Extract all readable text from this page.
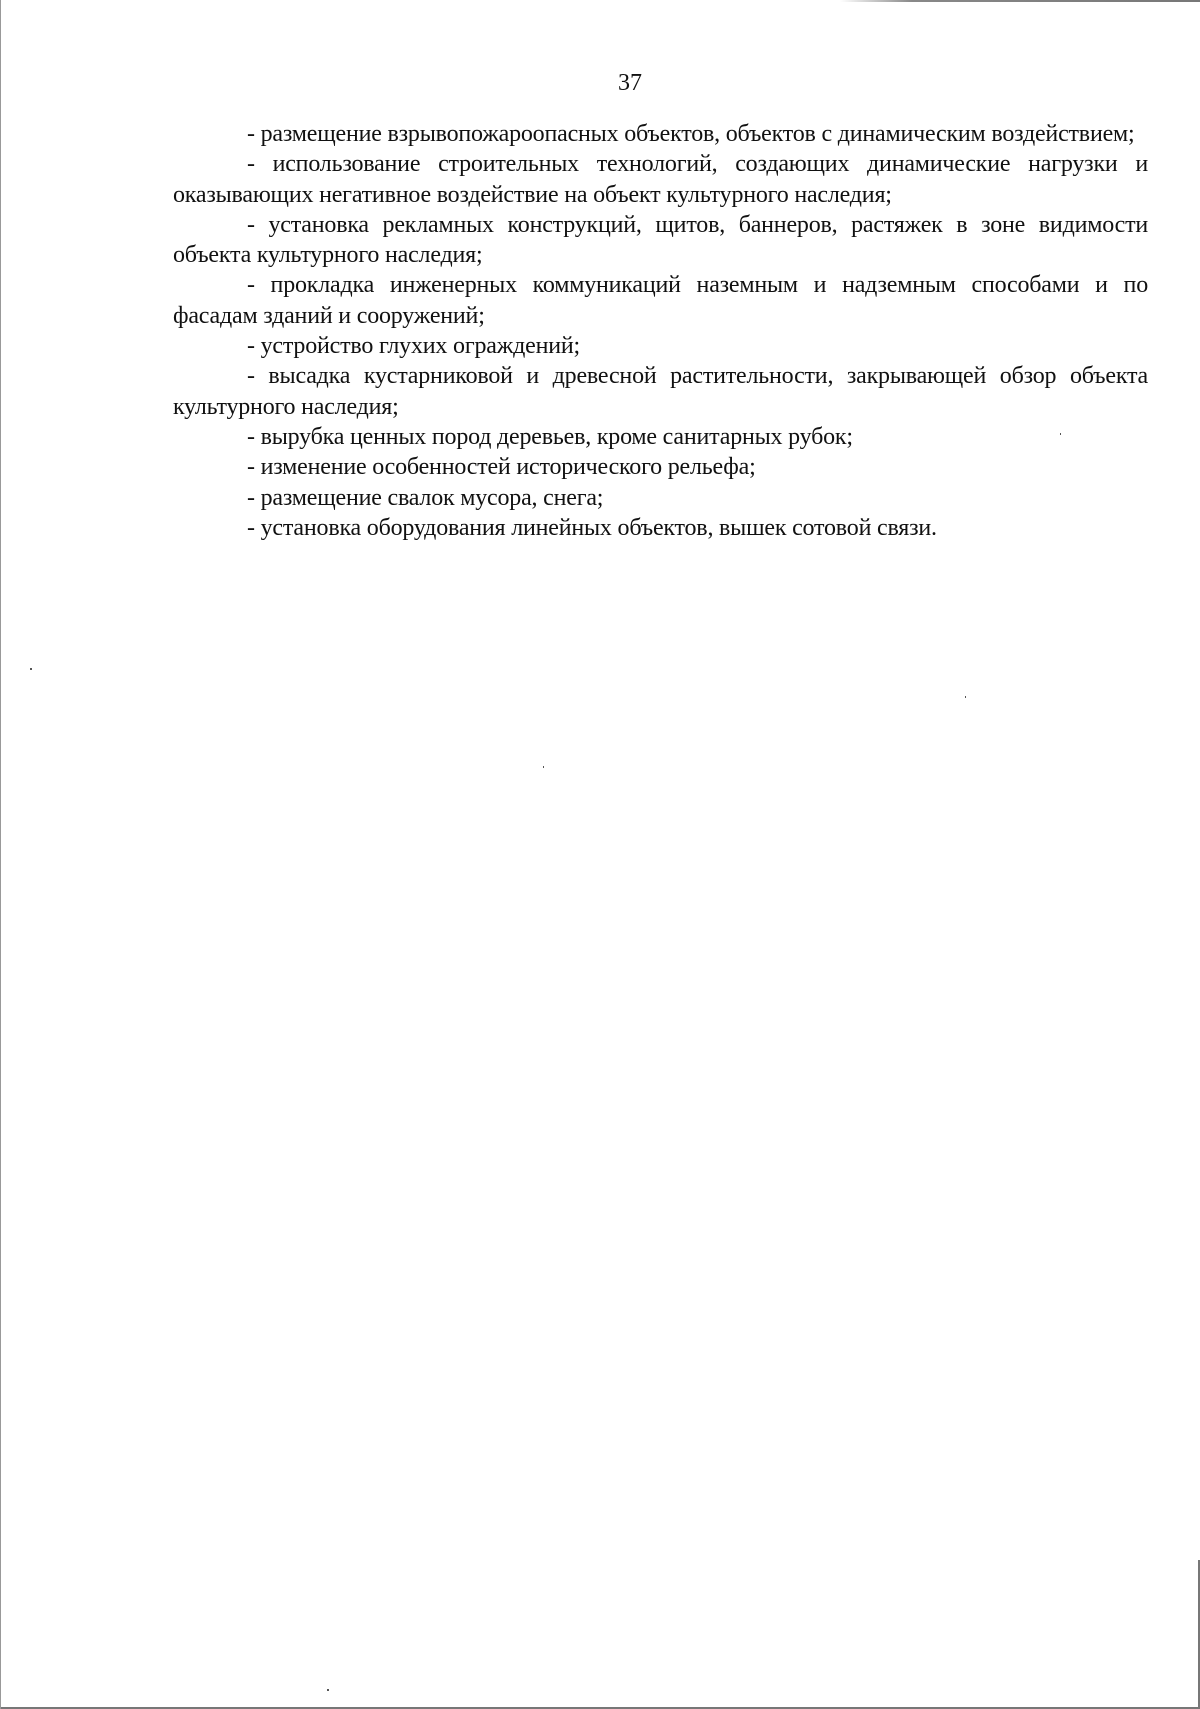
37

- размещение взрывопожароопасных объектов, объектов с динамическим воздействием;

- использование строительных технологий, создающих динамические нагрузки и оказывающих негативное воздействие на объект культурного наследия;

- установка рекламных конструкций, щитов, баннеров, растяжек в зоне видимости объекта культурного наследия;

- прокладка инженерных коммуникаций наземным и надземным способами и по фасадам зданий и сооружений;

- устройство глухих ограждений;

- высадка кустарниковой и древесной растительности, закрывающей обзор объекта культурного наследия;

- вырубка ценных пород деревьев, кроме санитарных рубок;

- изменение особенностей исторического рельефа;

- размещение свалок мусора, снега;

- установка оборудования линейных объектов, вышек сотовой связи.
